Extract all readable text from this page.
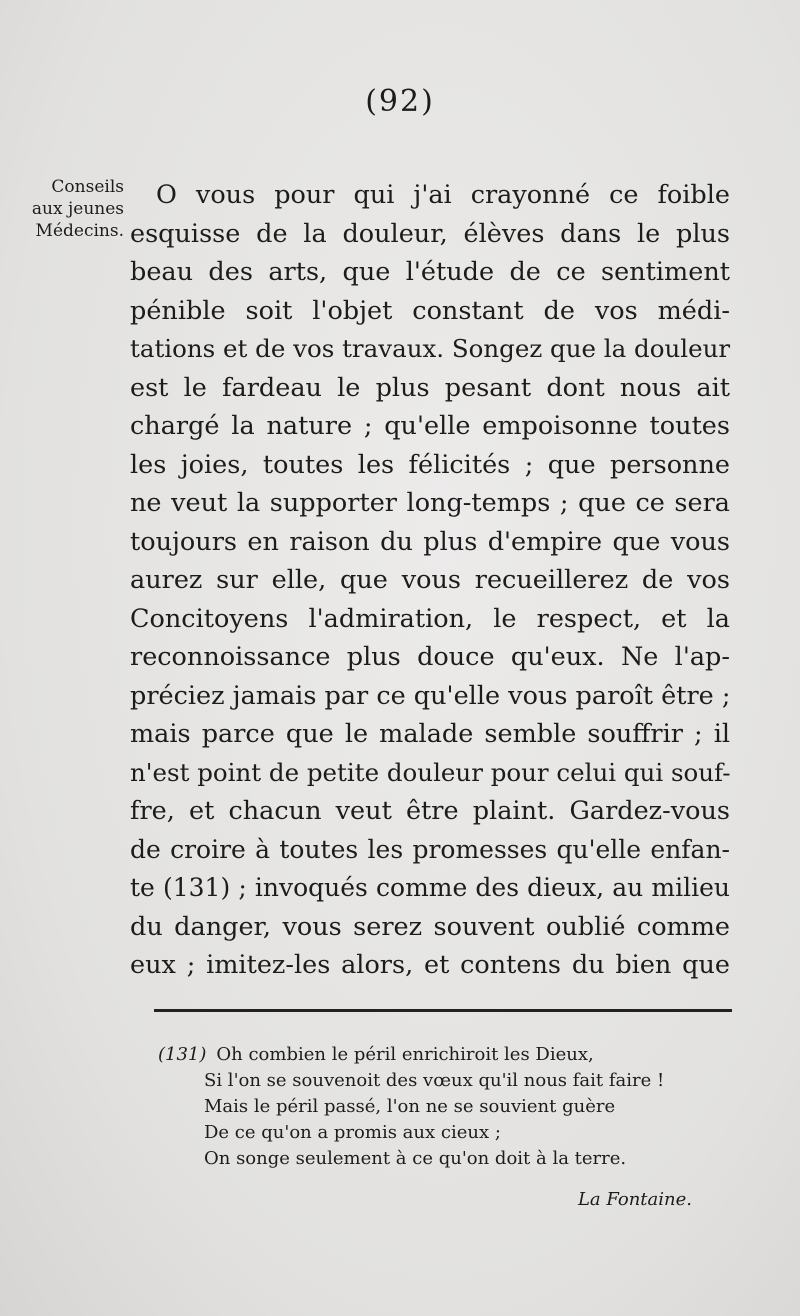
(92)
Conseils
aux jeunes
Médecins.
O vous pour qui j'ai crayonné ce foible
esquisse de la douleur, élèves dans le plus
beau des arts, que l'étude de ce sentiment
pénible soit l'objet constant de vos médi-
tations et de vos travaux. Songez que la douleur
est le fardeau le plus pesant dont nous ait
chargé la nature ; qu'elle empoisonne toutes
les joies, toutes les félicités ; que personne
ne veut la supporter long-temps ; que ce sera
toujours en raison du plus d'empire que vous
aurez sur elle, que vous recueillerez de vos
Concitoyens l'admiration, le respect, et la
reconnoissance plus douce qu'eux. Ne l'ap-
préciez jamais par ce qu'elle vous paroît être ;
mais parce que le malade semble souffrir ; il
n'est point de petite douleur pour celui qui souf-
fre, et chacun veut être plaint. Gardez-vous
de croire à toutes les promesses qu'elle enfan-
te (131) ; invoqués comme des dieux, au milieu
du danger, vous serez souvent oublié comme
eux ; imitez-les alors, et contens du bien que
(131) Oh combien le péril enrichiroit les Dieux,
Si l'on se souvenoit des vœux qu'il nous fait faire !
Mais le péril passé, l'on ne se souvient guère
De ce qu'on a promis aux cieux ;
On songe seulement à ce qu'on doit à la terre.
La Fontaine.
